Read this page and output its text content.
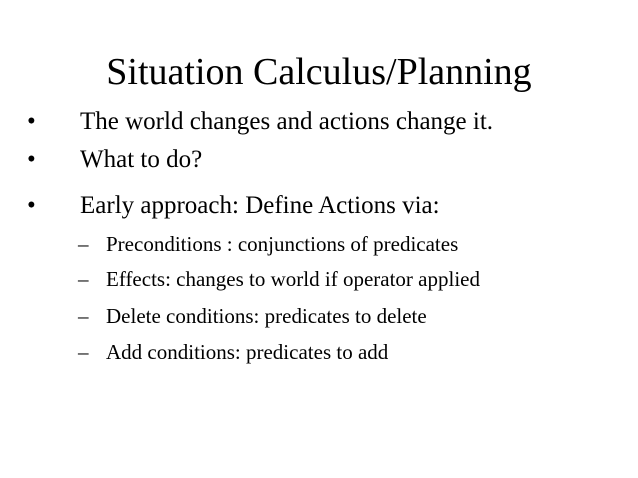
Situation Calculus/Planning
•	The world changes and actions change it.
•	What to do?
•	Early approach: Define Actions via:
– Preconditions : conjunctions of predicates
– Effects: changes to world if operator applied
– Delete conditions: predicates to delete
– Add conditions: predicates to add
